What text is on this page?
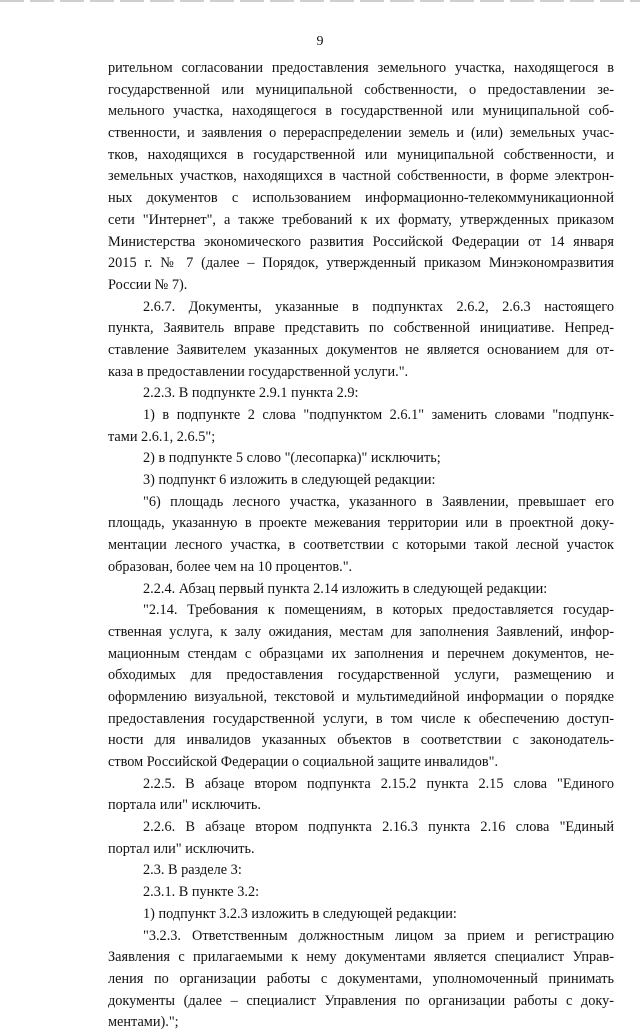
9
рительном согласовании предоставления земельного участка, находящегося в
государственной или муниципальной собственности, о предоставлении зе-
мельного участка, находящегося в государственной или муниципальной соб-
ственности, и заявления о перераспределении земель и (или) земельных учас-
тков, находящихся в государственной или муниципальной собственности, и
земельных участков, находящихся в частной собственности, в форме электрон-
ных документов с использованием информационно-телекоммуникационной
сети "Интернет", а также требований к их формату, утвержденных приказом
Министерства экономического развития Российской Федерации от 14 января
2015 г. № 7 (далее – Порядок, утвержденный приказом Минэкономразвития
России № 7).
2.6.7. Документы, указанные в подпунктах 2.6.2, 2.6.3 настоящего
пункта, Заявитель вправе представить по собственной инициативе. Непред-
ставление Заявителем указанных документов не является основанием для от-
каза в предоставлении государственной услуги.".
2.2.3. В подпункте 2.9.1 пункта 2.9:
1) в подпункте 2 слова "подпунктом 2.6.1" заменить словами "подпунк-
тами 2.6.1, 2.6.5";
2) в подпункте 5 слово "(лесопарка)" исключить;
3) подпункт 6 изложить в следующей редакции:
"6) площадь лесного участка, указанного в Заявлении, превышает его
площадь, указанную в проекте межевания территории или в проектной доку-
ментации лесного участка, в соответствии с которыми такой лесной участок
образован, более чем на 10 процентов.".
2.2.4. Абзац первый пункта 2.14 изложить в следующей редакции:
"2.14. Требования к помещениям, в которых предоставляется государ-
ственная услуга, к залу ожидания, местам для заполнения Заявлений, инфор-
мационным стендам с образцами их заполнения и перечнем документов, не-
обходимых для предоставления государственной услуги, размещению и
оформлению визуальной, текстовой и мультимедийной информации о порядке
предоставления государственной услуги, в том числе к обеспечению доступ-
ности для инвалидов указанных объектов в соответствии с законодатель-
ством Российской Федерации о социальной защите инвалидов".
2.2.5. В абзаце втором подпункта 2.15.2 пункта 2.15 слова "Единого
портала или" исключить.
2.2.6. В абзаце втором подпункта 2.16.3 пункта 2.16 слова "Единый
портал или" исключить.
2.3. В разделе 3:
2.3.1. В пункте 3.2:
1) подпункт 3.2.3 изложить в следующей редакции:
"3.2.3. Ответственным должностным лицом за прием и регистрацию
Заявления с прилагаемыми к нему документами является специалист Управ-
ления по организации работы с документами, уполномоченный принимать
документы (далее – специалист Управления по организации работы с доку-
ментами).";
